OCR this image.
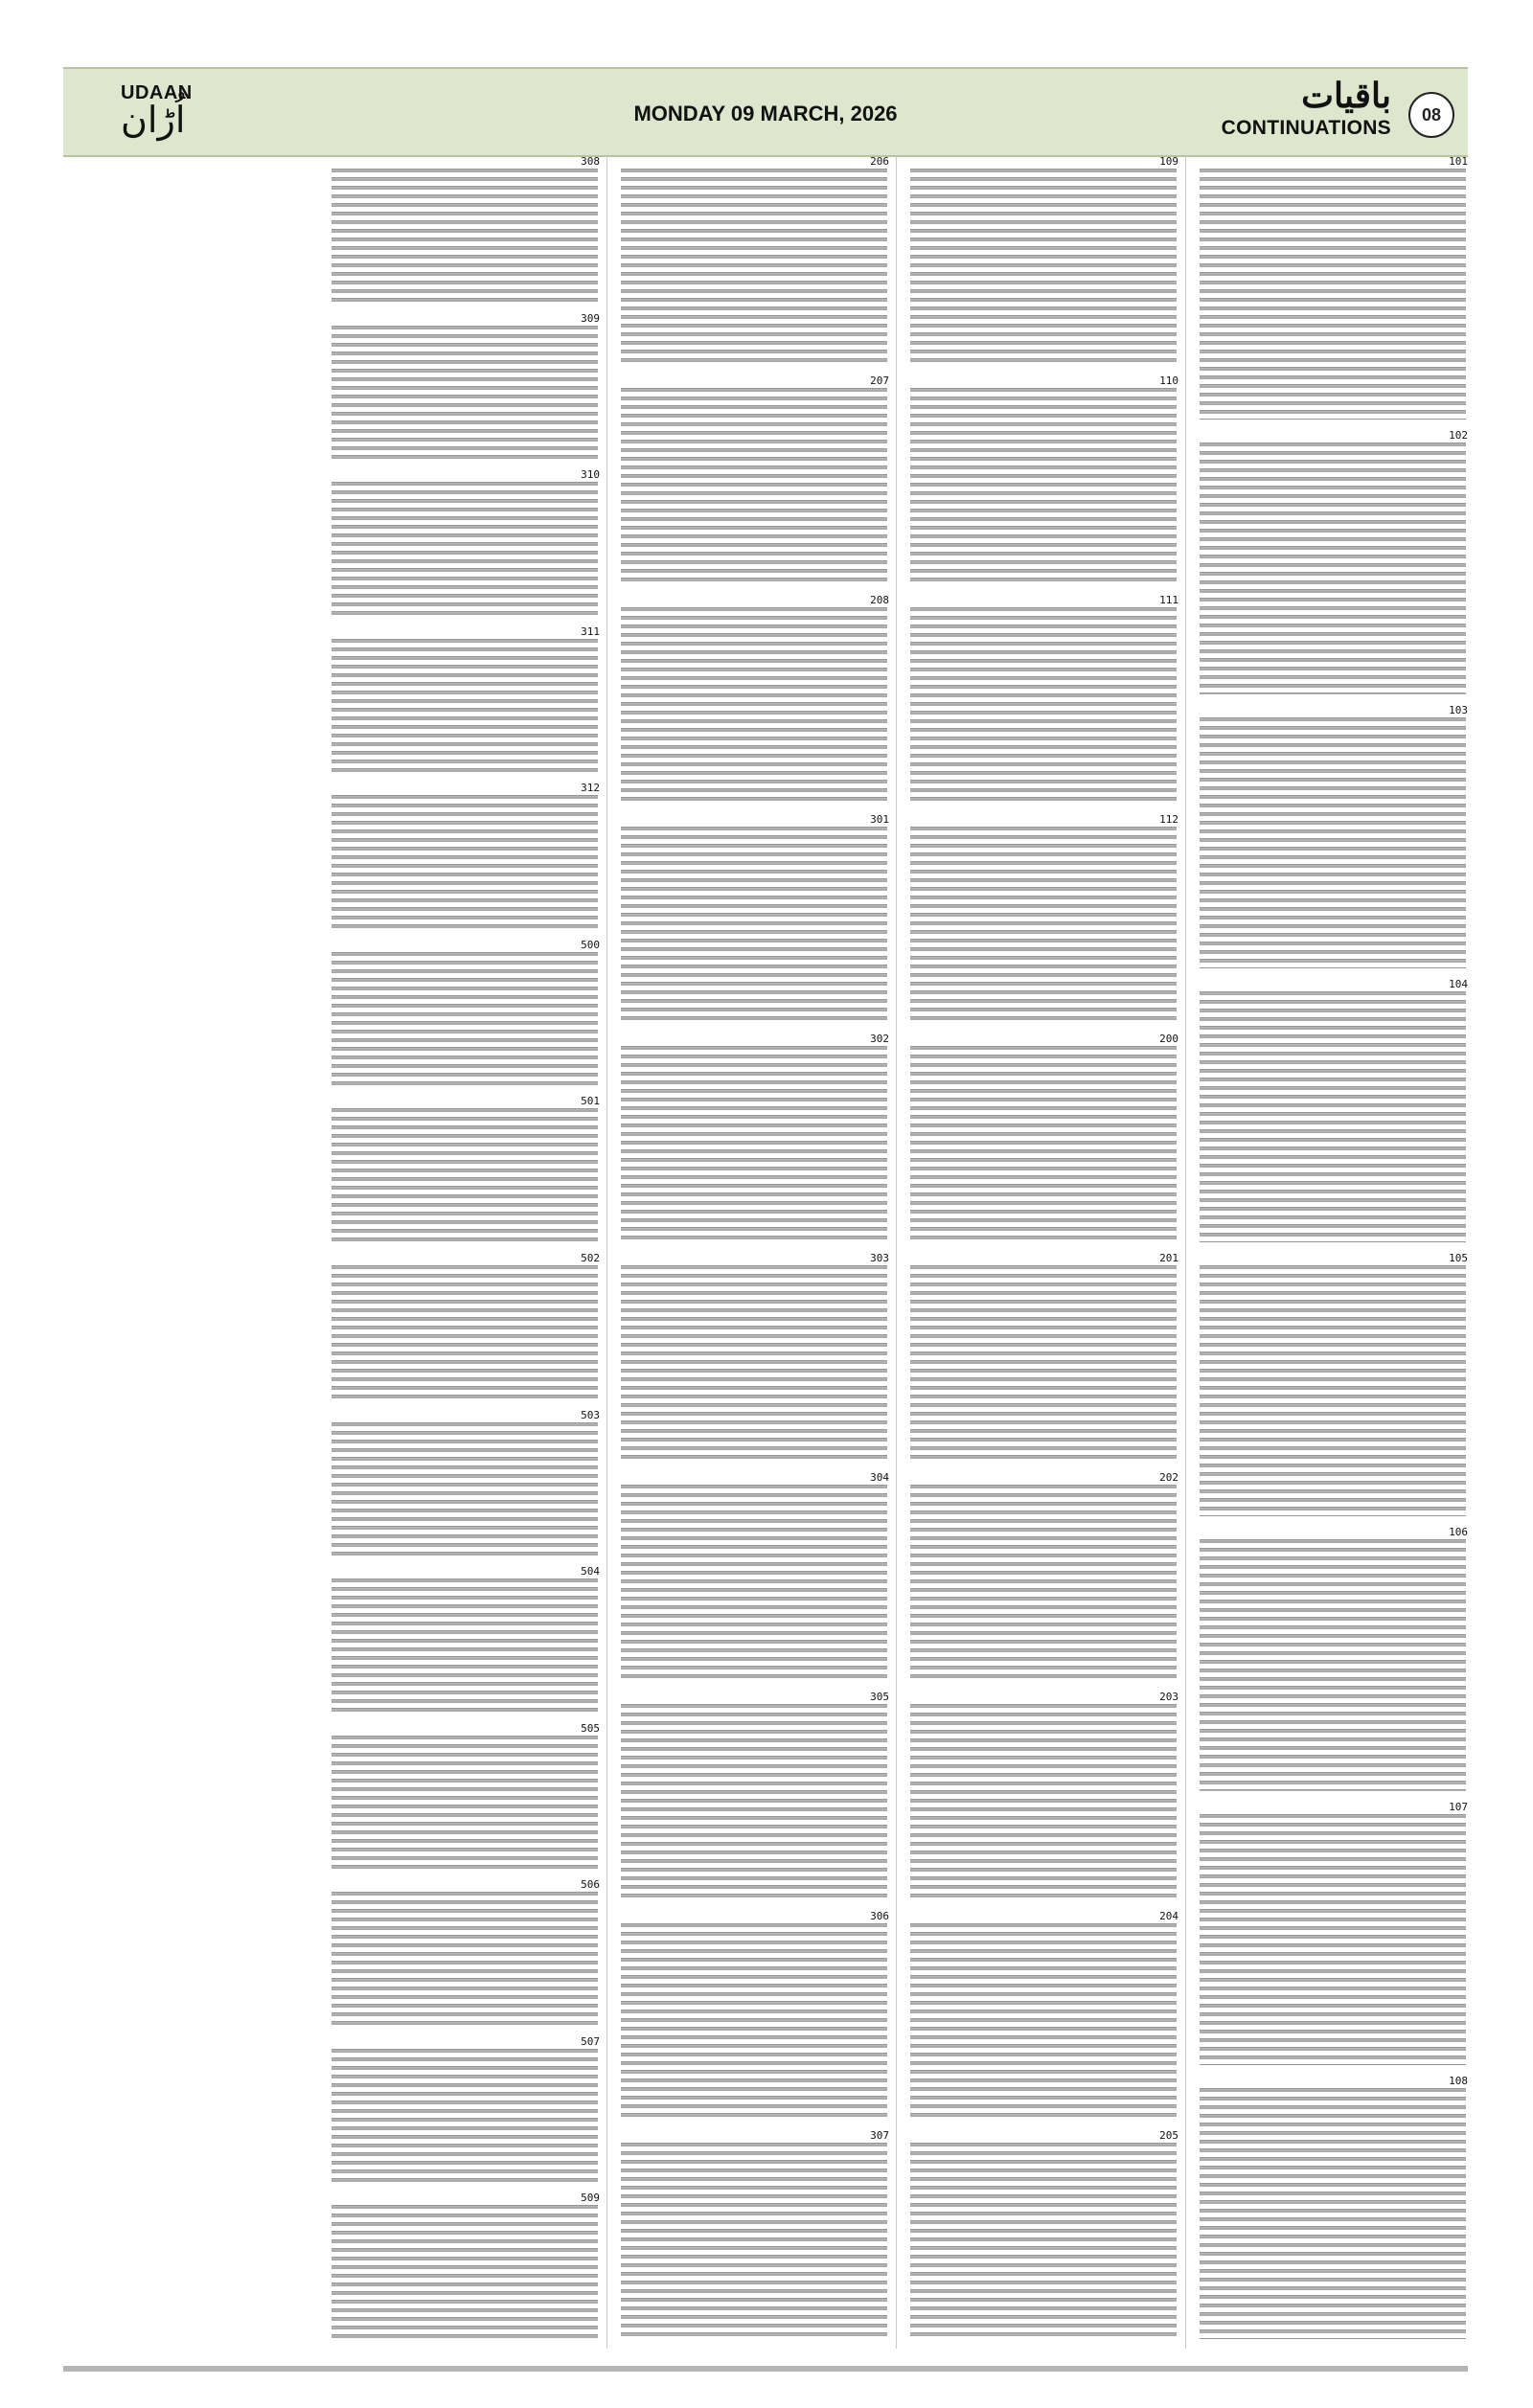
UDAAN
اُڑان	MONDAY 09 MARCH, 2026	باقیات
CONTINUATIONS
08
101
102
103
104
105
106
107
108
109
110
111
112
200
201
202
203
204
205
206
207
208
301
302
303
304
305
306
307
308
309
310
311
312
500
501
502
503
504
505
506
507
509
